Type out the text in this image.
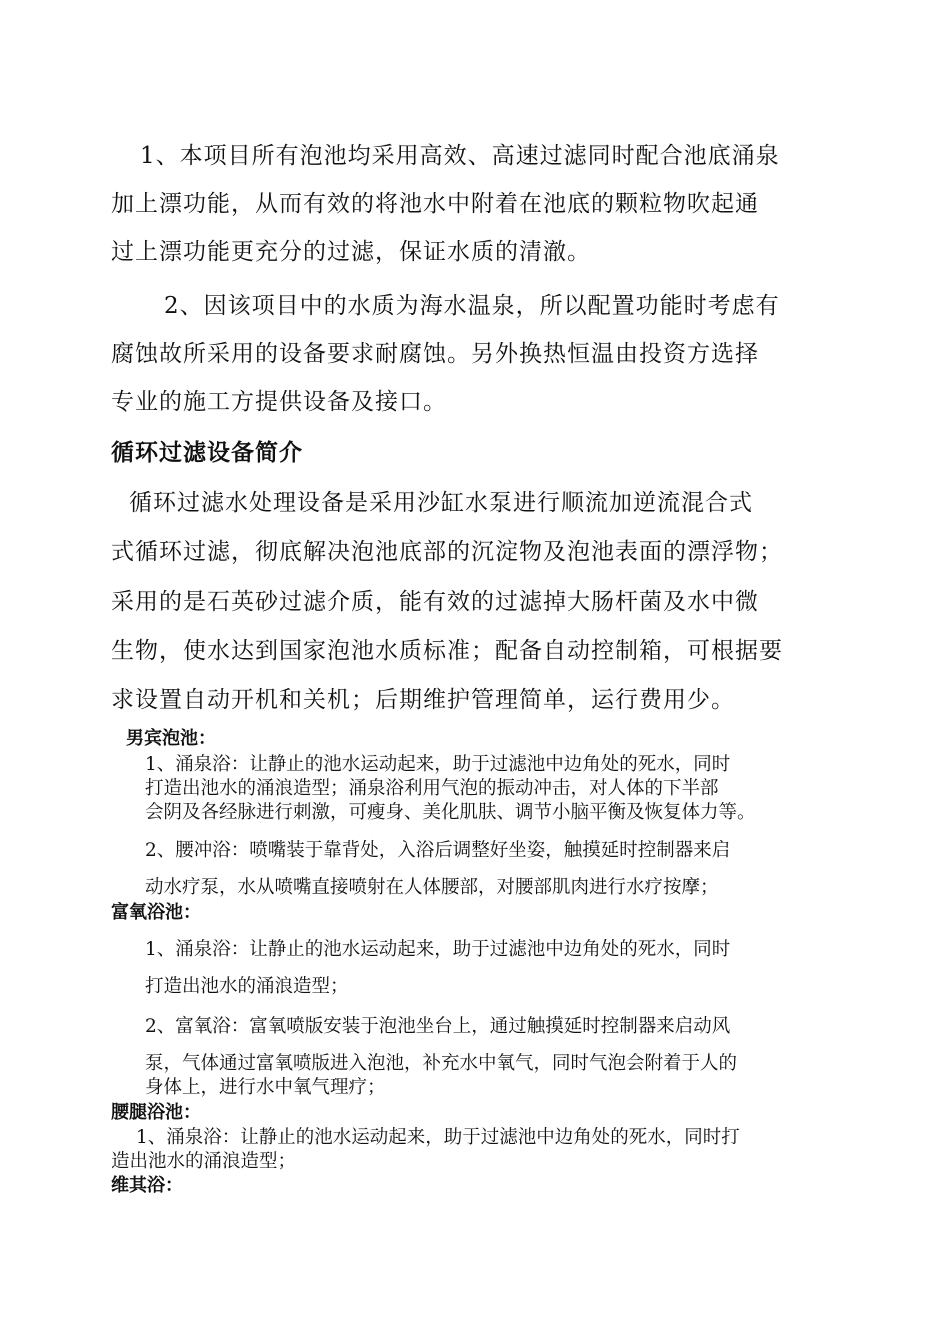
1、本项目所有泡池均采用高效、高速过滤同时配合池底涌泉

加上漂功能，从而有效的将池水中附着在池底的颗粒物吹起通

过上漂功能更充分的过滤，保证水质的清澈。

2、因该项目中的水质为海水温泉，所以配置功能时考虑有

腐蚀故所采用的设备要求耐腐蚀。另外换热恒温由投资方选择

专业的施工方提供设备及接口。

循环过滤设备简介

循环过滤水处理设备是采用沙缸水泵进行顺流加逆流混合式

式循环过滤，彻底解决泡池底部的沉淀物及泡池表面的漂浮物；

采用的是石英砂过滤介质，能有效的过滤掉大肠杆菌及水中微

生物，使水达到国家泡池水质标准；配备自动控制箱，可根据要

求设置自动开机和关机；后期维护管理简单，运行费用少。

男宾泡池：

1、涌泉浴：让静止的池水运动起来，助于过滤池中边角处的死水，同时

打造出池水的涌浪造型；涌泉浴利用气泡的振动冲击，对人体的下半部

会阴及各经脉进行刺激，可瘦身、美化肌肤、调节小脑平衡及恢复体力等。

2、腰冲浴：喷嘴装于靠背处，入浴后调整好坐姿，触摸延时控制器来启

动水疗泵，水从喷嘴直接喷射在人体腰部，对腰部肌肉进行水疗按摩；

富氧浴池：

1、涌泉浴：让静止的池水运动起来，助于过滤池中边角处的死水，同时

打造出池水的涌浪造型；

2、富氧浴：富氧喷版安装于泡池坐台上，通过触摸延时控制器来启动风

泵，气体通过富氧喷版进入泡池，补充水中氧气，同时气泡会附着于人的

身体上，进行水中氧气理疗；

腰腿浴池：

1、涌泉浴：让静止的池水运动起来，助于过滤池中边角处的死水，同时打

造出池水的涌浪造型；

维其浴：
